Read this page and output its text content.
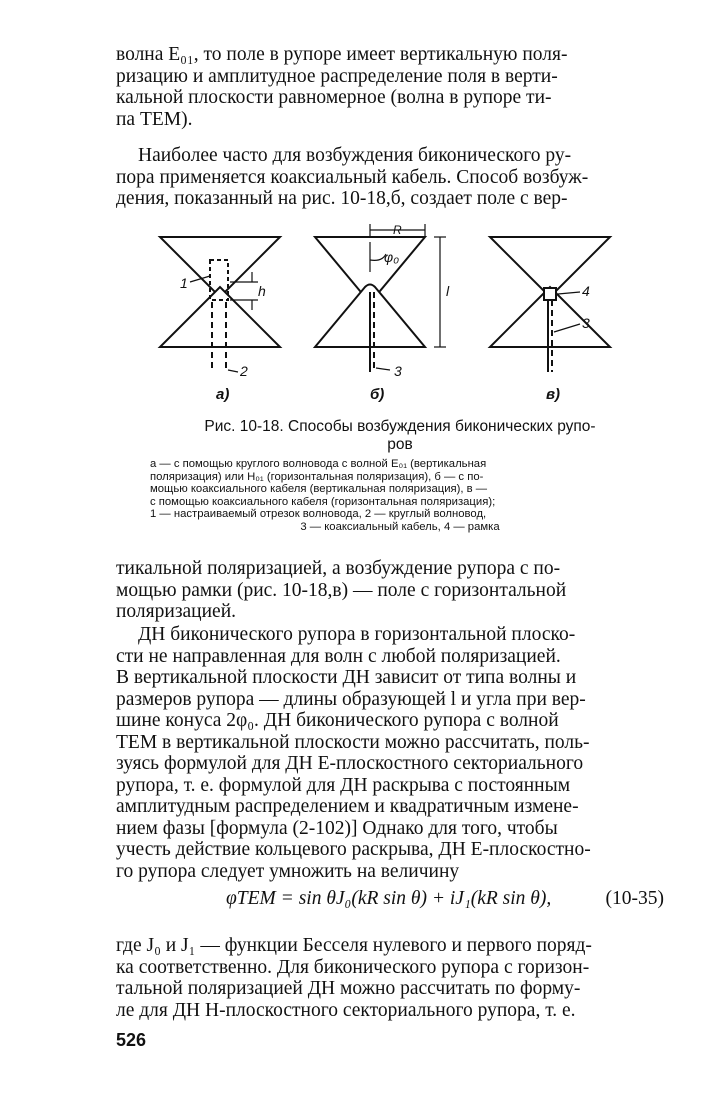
волна E₀₁, то поле в рупоре имеет вертикальную поля-

ризацию и амплитудное распределение поля в верти-

кальной плоскости равномерное (волна в рупоре ти-

па ТЕМ).

Наиболее часто для возбуждения биконического ру-

пора применяется коаксиальный кабель. Способ возбуж-

дения, показанный на рис. 10-18,б, создает поле с вер-

1	h
2
R
φ₀
l
3
4
3
а)	б)	в)
Рис. 10-18. Способы возбуждения биконических рупо-
ров
а — с помощью круглого волновода с волной E₀₁ (вертикальная
поляризация) или H₀₁ (горизонтальная поляризация), б — с по-
мощью коаксиального кабеля (вертикальная поляризация), в —
с помощью коаксиального кабеля (горизонтальная поляризация);
1 — настраиваемый отрезок волновода, 2 — круглый волновод,
3 — коаксиальный кабель, 4 — рамка

тикальной поляризацией, а возбуждение рупора с по-

мощью рамки (рис. 10-18,в) — поле с горизонтальной

поляризацией.

ДН биконического рупора в горизонтальной плоско-

сти не направленная для волн с любой поляризацией.

В вертикальной плоскости ДН зависит от типа волны и

размеров рупора — длины образующей l и угла при вер-

шине конуса 2φ₀. ДН биконического рупора с волной

ТЕМ в вертикальной плоскости можно рассчитать, поль-

зуясь формулой для ДН E-плоскостного секториального

рупора, т. е. формулой для ДН раскрыва с постоянным

амплитудным распределением и квадратичным измене-

нием фазы [формула (2-102)] Однако для того, чтобы

учесть действие кольцевого раскрыва, ДН E-плоскостно-

го рупора следует умножить на величину

φTEM = sin θJ₀(kR sin θ) + iJ₁(kR sin θ),	(10-35)

где J₀ и J₁ — функции Бесселя нулевого и первого поряд-

ка соответственно. Для биконического рупора с горизон-

тальной поляризацией ДН можно рассчитать по форму-

ле для ДН H-плоскостного секториального рупора, т. е.

526
